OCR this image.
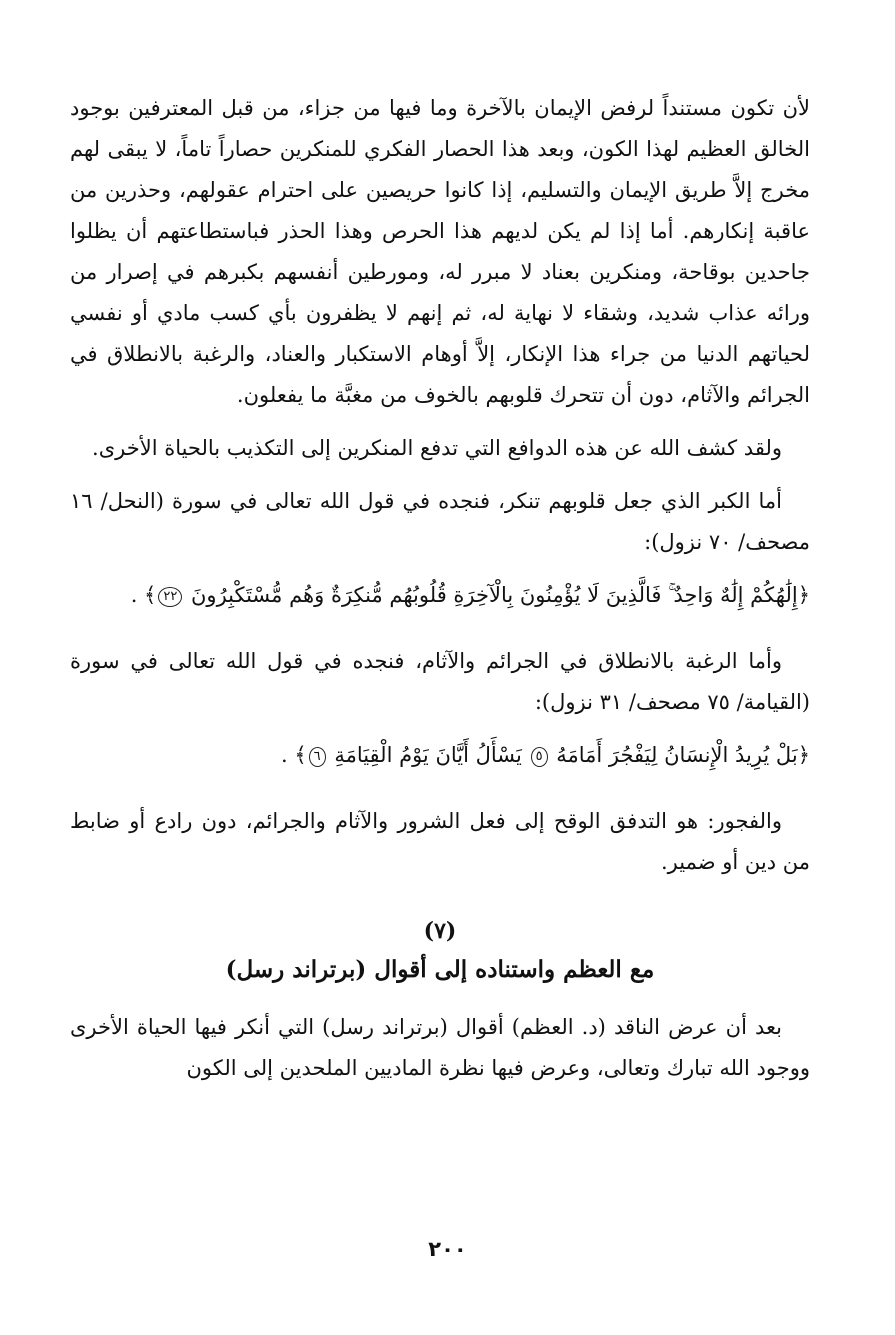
لأن تكون مستنداً لرفض الإيمان بالآخرة وما فيها من جزاء، من قبل المعترفين بوجود الخالق العظيم لهذا الكون، وبعد هذا الحصار الفكري للمنكرين حصاراً تاماً، لا يبقى لهم مخرج إلاَّ طريق الإيمان والتسليم، إذا كانوا حريصين على احترام عقولهم، وحذرين من عاقبة إنكارهم. أما إذا لم يكن لديهم هذا الحرص وهذا الحذر فباستطاعتهم أن يظلوا جاحدين بوقاحة، ومنكرين بعناد لا مبرر له، ومورطين أنفسهم بكبرهم في إصرار من ورائه عذاب شديد، وشقاء لا نهاية له، ثم إنهم لا يظفرون بأي كسب مادي أو نفسي لحياتهم الدنيا من جراء هذا الإنكار، إلاَّ أوهام الاستكبار والعناد، والرغبة بالانطلاق في الجرائم والآثام، دون أن تتحرك قلوبهم بالخوف من مغبَّة ما يفعلون.

ولقد كشف الله عن هذه الدوافع التي تدفع المنكرين إلى التكذيب بالحياة الأخرى.

أما الكبر الذي جعل قلوبهم تنكر، فنجده في قول الله تعالى في سورة (النحل/ ١٦ مصحف/ ٧٠ نزول):

﴿إِلَٰهُكُمْ إِلَٰهٌ وَاحِدٌ ۚ فَالَّذِينَ لَا يُؤْمِنُونَ بِالْآخِرَةِ قُلُوبُهُم مُّنكِرَةٌ وَهُم مُّسْتَكْبِرُونَ ٢٢﴾ .

وأما الرغبة بالانطلاق في الجرائم والآثام، فنجده في قول الله تعالى في سورة (القيامة/ ٧٥ مصحف/ ٣١ نزول):

﴿بَلْ يُرِيدُ الْإِنسَانُ لِيَفْجُرَ أَمَامَهُ ٥ يَسْأَلُ أَيَّانَ يَوْمُ الْقِيَامَةِ ٦﴾ .

والفجور: هو التدفق الوقح إلى فعل الشرور والآثام والجرائم، دون رادع أو ضابط من دين أو ضمير.

(٧)
مع العظم واستناده إلى أقوال (برتراند رسل)

بعد أن عرض الناقد (د. العظم) أقوال (برتراند رسل) التي أنكر فيها الحياة الأخرى ووجود الله تبارك وتعالى، وعرض فيها نظرة الماديين الملحدين إلى الكون

٢٠٠
